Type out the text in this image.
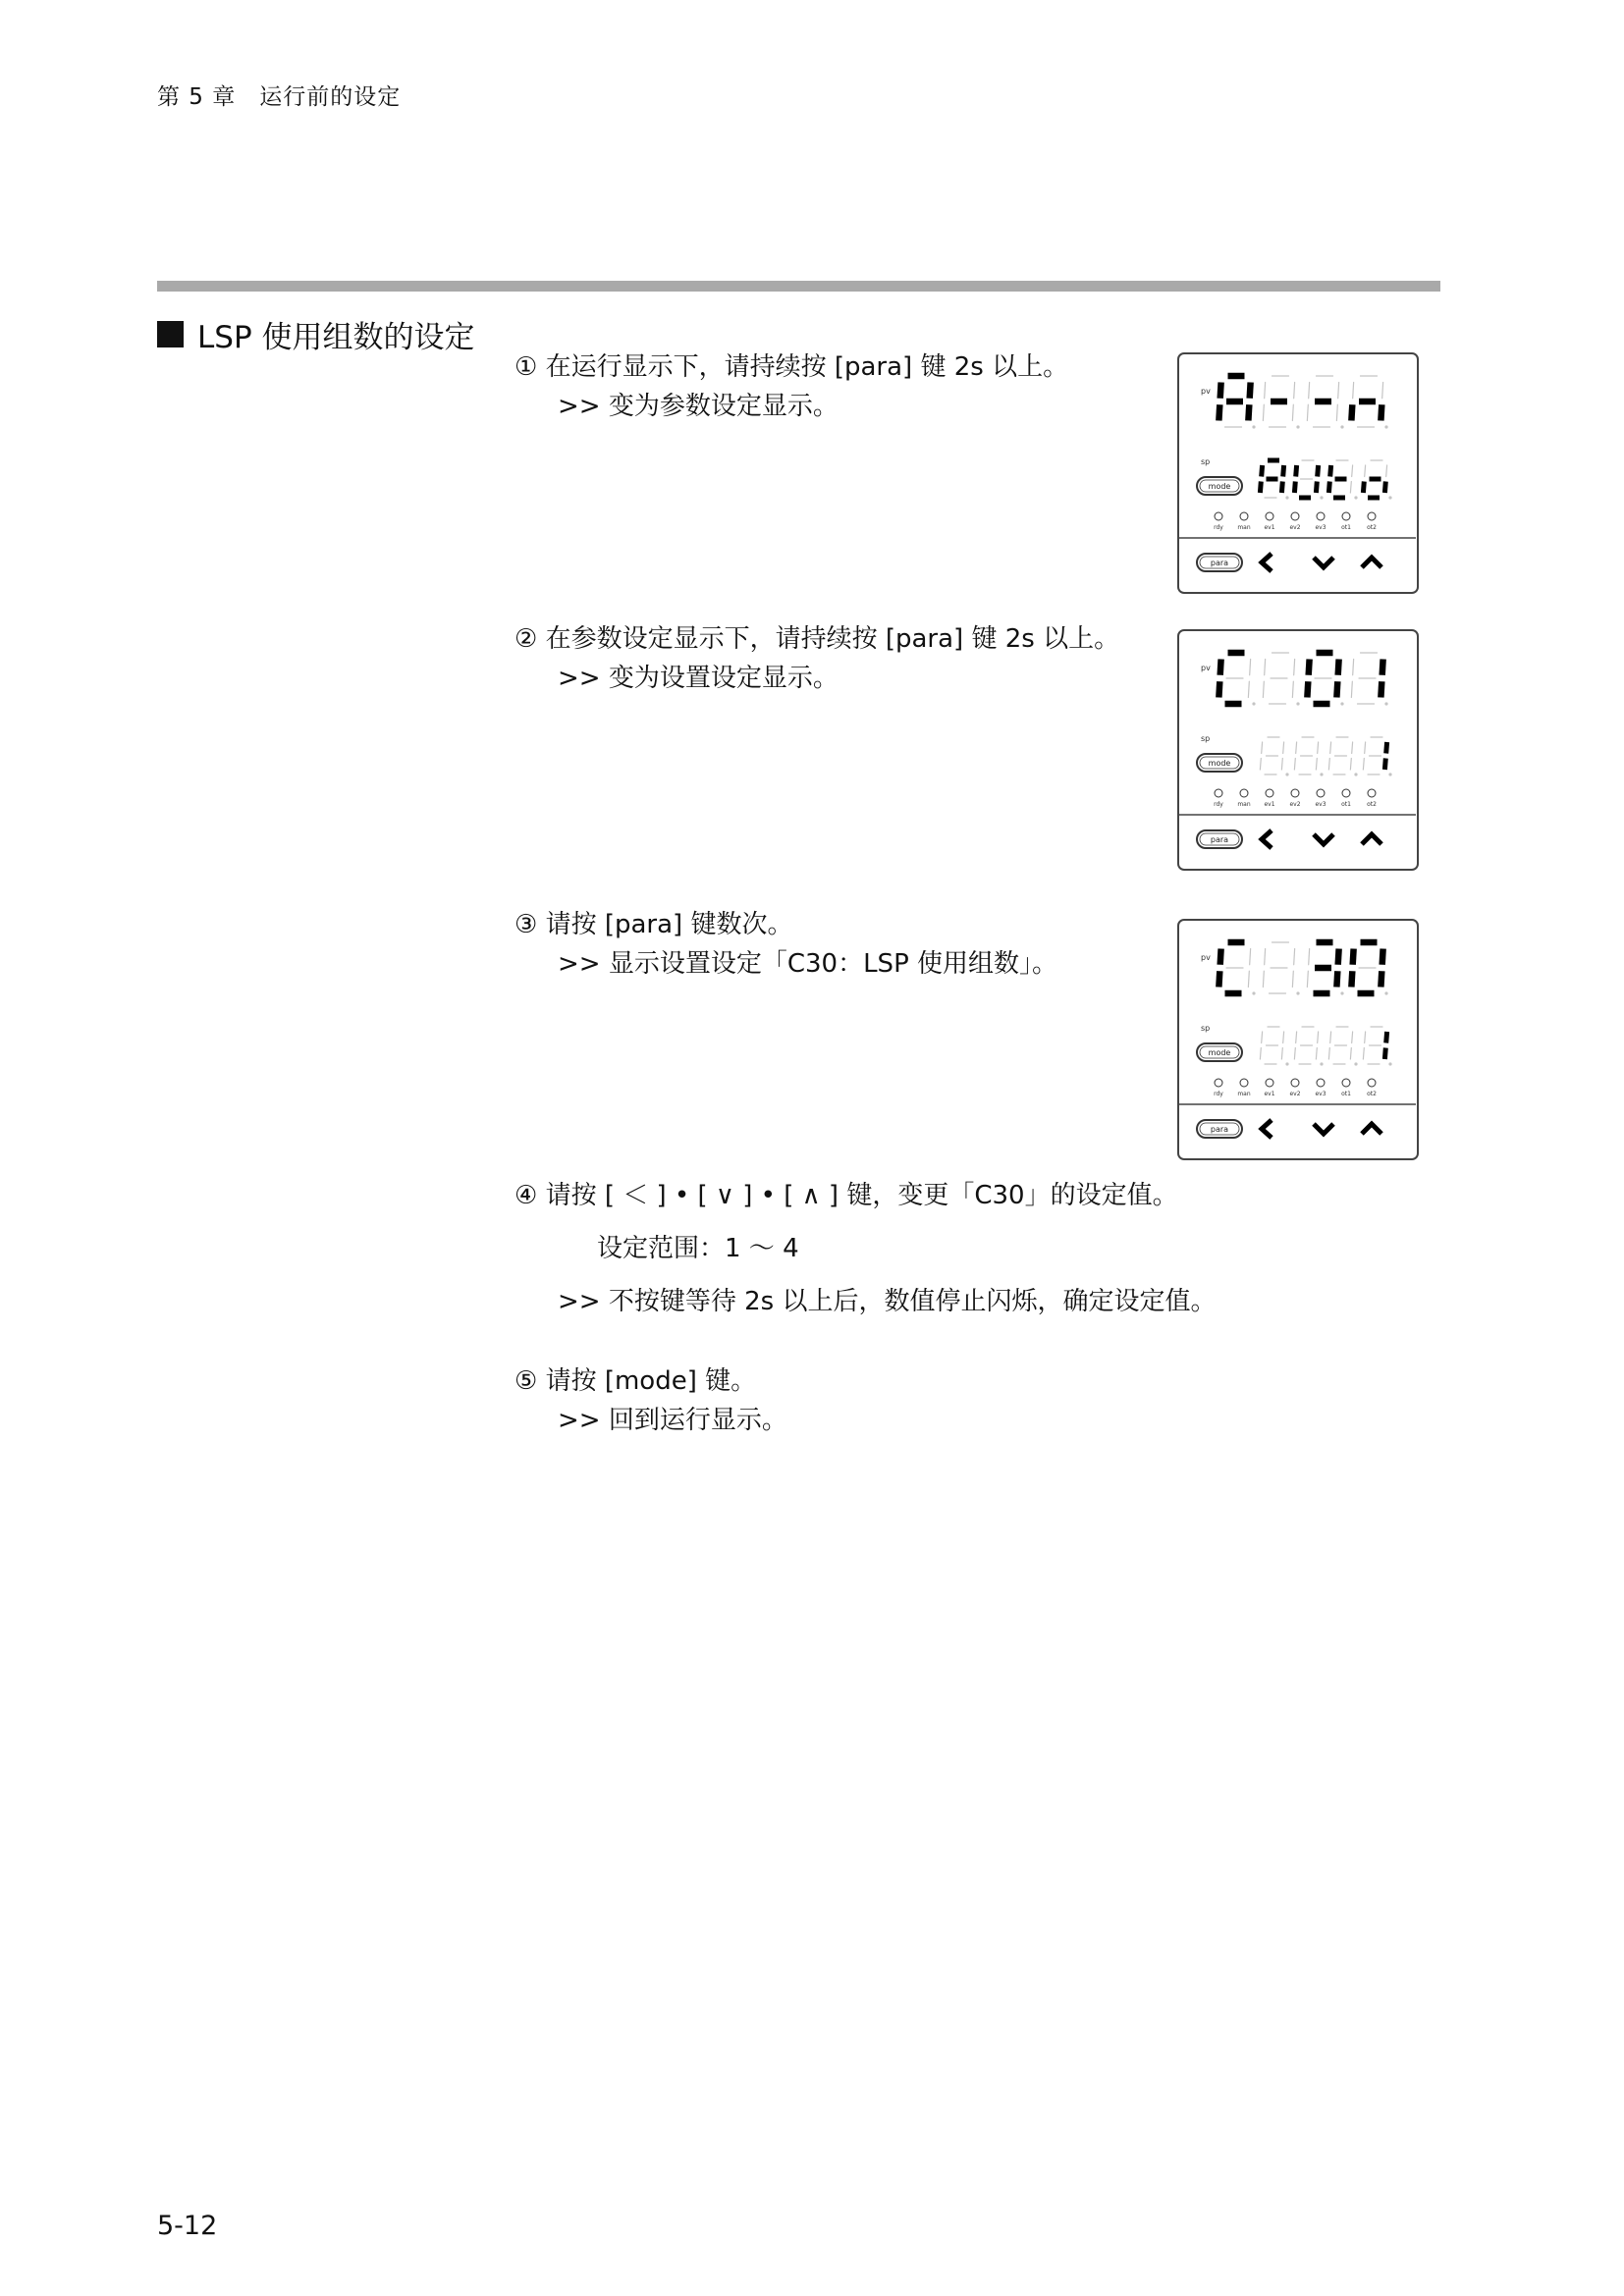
第 5 章　运行前的设定
LSP 使用组数的设定
① 在运行显示下，请持续按 [para] 键 2s 以上。
>> 变为参数设定显示。
② 在参数设定显示下，请持续按 [para] 键 2s 以上。
>> 变为设置设定显示。
③ 请按 [para] 键数次。
>> 显示设置设定「C30：LSP 使用组数」。
④ 请按 [ ＜ ] • [ ∨ ] • [ ∧ ] 键，变更「C30」的设定值。
设定范围：1 ～ 4
>> 不按键等待 2s 以上后，数值停止闪烁，确定设定值。
⑤ 请按 [mode] 键。
>> 回到运行显示。
pv
sp
mode
rdy man ev1 ev2 ev3	ot1	ot2
para
pv
sp
mode
rdy man ev1 ev2 ev3	ot1	ot2
para
pv
sp
mode
rdy man ev1 ev2 ev3	ot1	ot2
para
5-12
